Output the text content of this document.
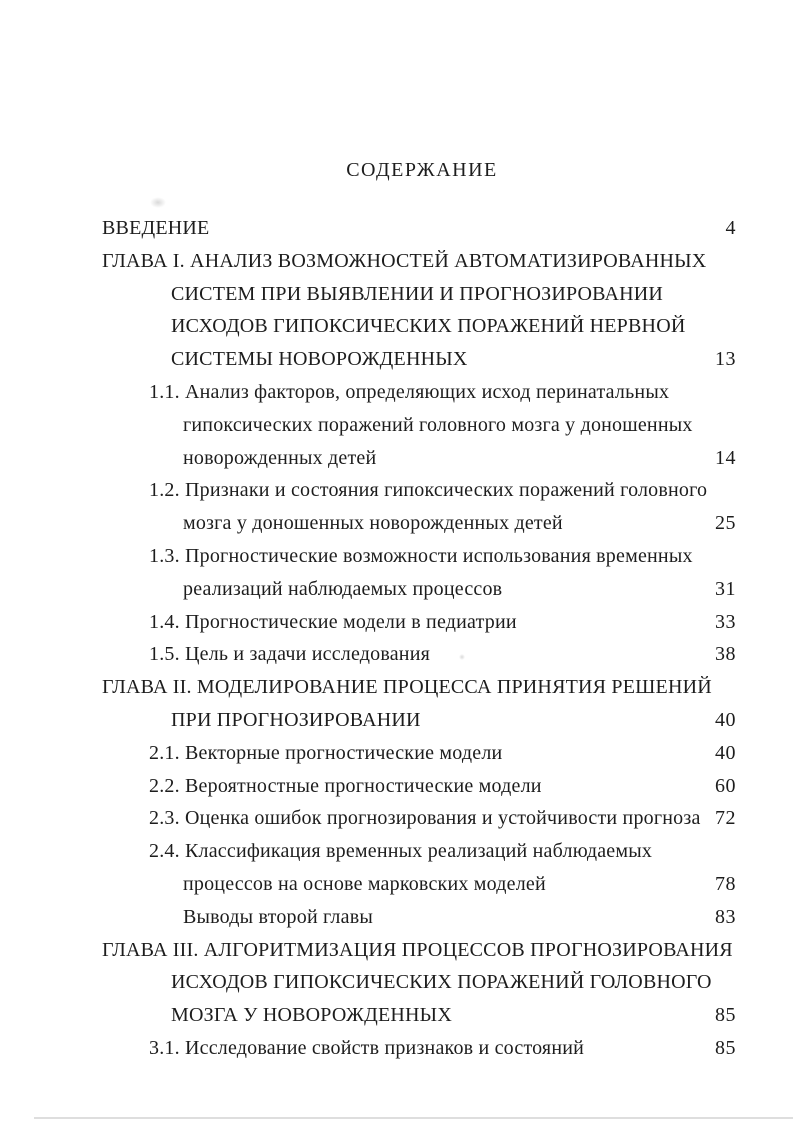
СОДЕРЖАНИЕ
ВВЕДЕНИЕ	4
ГЛАВА I. АНАЛИЗ ВОЗМОЖНОСТЕЙ АВТОМАТИЗИРОВАННЫХ
СИСТЕМ ПРИ ВЫЯВЛЕНИИ И ПРОГНОЗИРОВАНИИ
ИСХОДОВ ГИПОКСИЧЕСКИХ ПОРАЖЕНИЙ НЕРВНОЙ
СИСТЕМЫ НОВОРОЖДЕННЫХ	13
1.1. Анализ факторов, определяющих исход перинатальных
гипоксических поражений головного мозга у доношенных
новорожденных детей	14
1.2. Признаки и состояния гипоксических поражений головного
мозга у доношенных новорожденных детей	25
1.3. Прогностические возможности использования временных
реализаций наблюдаемых процессов	31
1.4. Прогностические модели в педиатрии	33
1.5. Цель и задачи исследования	38
ГЛАВА II. МОДЕЛИРОВАНИЕ ПРОЦЕССА ПРИНЯТИЯ РЕШЕНИЙ
ПРИ ПРОГНОЗИРОВАНИИ	40
2.1. Векторные прогностические модели	40
2.2. Вероятностные прогностические модели	60
2.3. Оценка ошибок прогнозирования и устойчивости прогноза 72
2.4. Классификация временных реализаций наблюдаемых
процессов на основе марковских моделей	78
Выводы второй главы	83
ГЛАВА III. АЛГОРИТМИЗАЦИЯ ПРОЦЕССОВ ПРОГНОЗИРОВАНИЯ
ИСХОДОВ ГИПОКСИЧЕСКИХ ПОРАЖЕНИЙ ГОЛОВНОГО
МОЗГА У НОВОРОЖДЕННЫХ	85
3.1. Исследование свойств признаков и состояний	85
